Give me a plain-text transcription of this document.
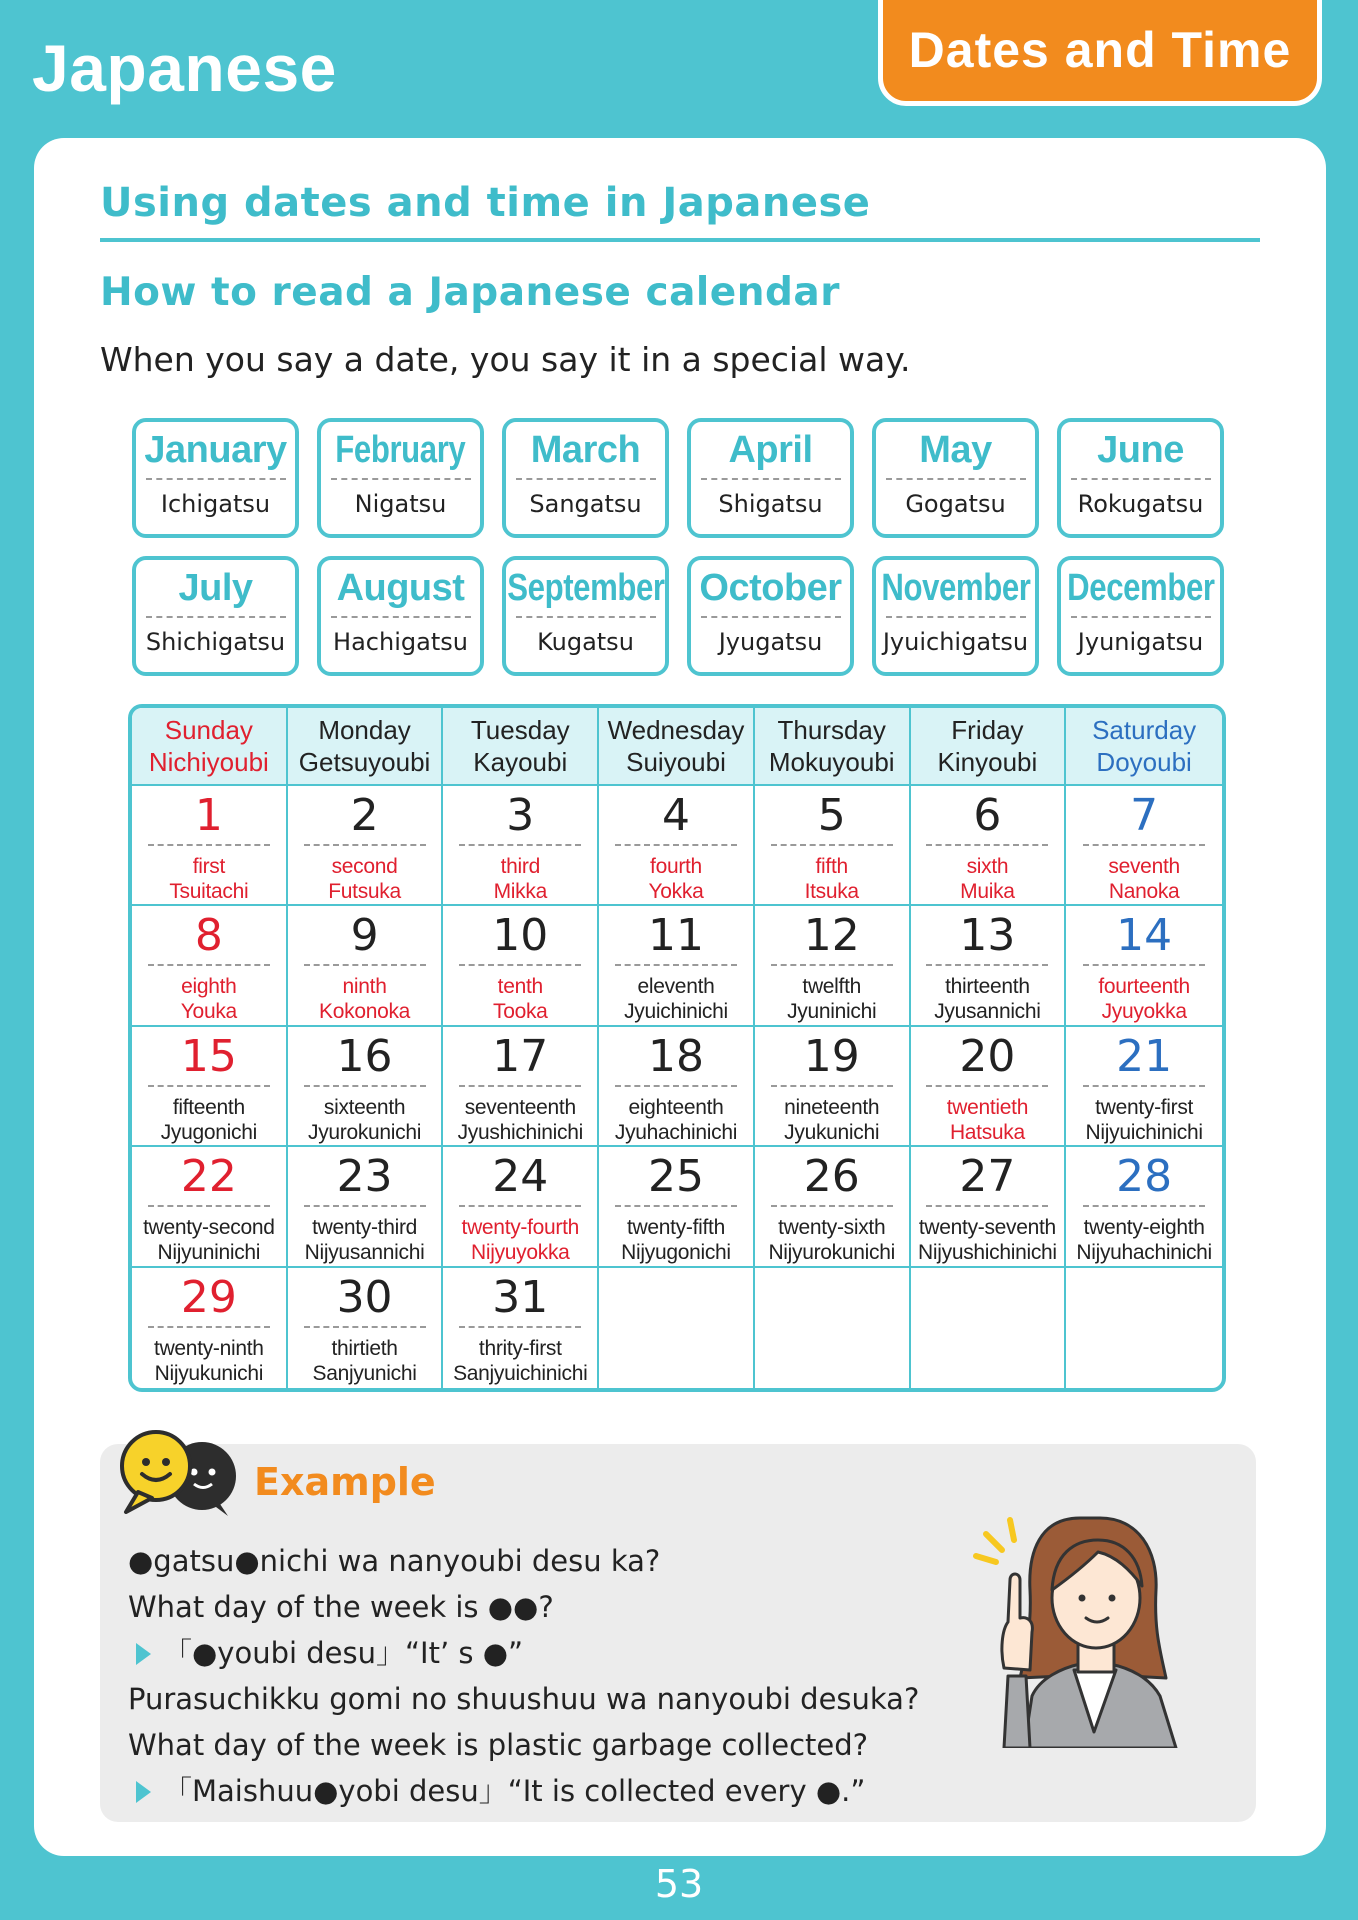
Japanese	Dates and Time
Using dates and time in Japanese
How to read a Japanese calendar
When you say a date, you say it in a special way.
January
Ichigatsu
February
Nigatsu
March
Sangatsu
April
Shigatsu
May
Gogatsu
June
Rokugatsu
July
Shichigatsu
August
Hachigatsu
September
Kugatsu
October
Jyugatsu
November
Jyuichigatsu
December
Jyunigatsu
Sunday
Nichiyoubi
Monday
Getsuyoubi
Tuesday
Kayoubi
Wednesday
Suiyoubi
Thursday
Mokuyoubi
Friday
Kinyoubi
Saturday
Doyoubi
1
first
Tsuitachi
2
second
Futsuka
3
third
Mikka
4
fourth
Yokka
5
fifth
Itsuka
6
sixth
Muika
7
seventh
Nanoka
8
eighth
Youka
9
ninth
Kokonoka
10
tenth
Tooka
11
eleventh
Jyuichinichi
12
twelfth
Jyuninichi
13
thirteenth
Jyusannichi
14
fourteenth
Jyuyokka
15
fifteenth
Jyugonichi
16
sixteenth
Jyurokunichi
17
seventeenth
Jyushichinichi
18
eighteenth
Jyuhachinichi
19
nineteenth
Jyukunichi
20
twentieth
Hatsuka
21
twenty-first
Nijyuichinichi
22
twenty-second
Nijyuninichi
23
twenty-third
Nijyusannichi
24
twenty-fourth
Nijyuyokka
25
twenty-fifth
Nijyugonichi
26
twenty-sixth
Nijyurokunichi
27
twenty-seventh
Nijyushichinichi
28
twenty-eighth
Nijyuhachinichi
29
twenty-ninth
Nijyukunichi
30
thirtieth
Sanjyunichi
31
thrity-first
Sanjyuichinichi
Example
●gatsu●nichi wa nanyoubi desu ka?
What day of the week is ●●?
「●youbi desu」“It’ s ●”
Purasuchikku gomi no shuushuu wa nanyoubi desuka?
What day of the week is plastic garbage collected?
「Maishuu●yobi desu」“It is collected every ●.”
53
